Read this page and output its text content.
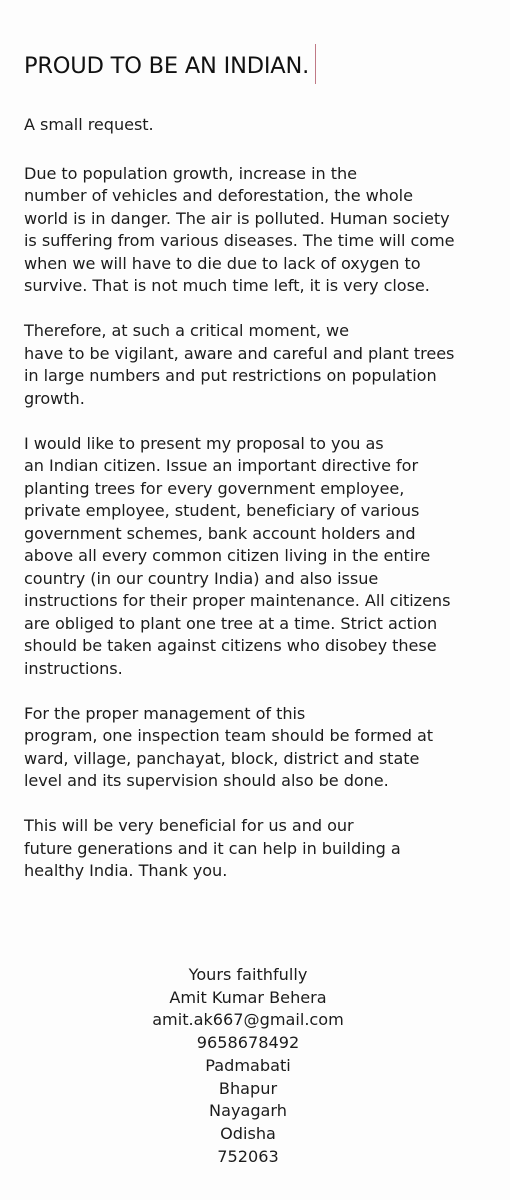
PROUD TO BE AN INDIAN.

A small request.

Due to population growth, increase in the
number of vehicles and deforestation, the whole
world is in danger. The air is polluted. Human society
is suffering from various diseases. The time will come
when we will have to die due to lack of oxygen to
survive. That is not much time left, it is very close.

Therefore, at such a critical moment, we
have to be vigilant, aware and careful and plant trees
in large numbers and put restrictions on population
growth.

I would like to present my proposal to you as
an Indian citizen. Issue an important directive for
planting trees for every government employee,
private employee, student, beneficiary of various
government schemes, bank account holders and
above all every common citizen living in the entire
country (in our country India) and also issue
instructions for their proper maintenance. All citizens
are obliged to plant one tree at a time. Strict action
should be taken against citizens who disobey these
instructions.

For the proper management of this
program, one inspection team should be formed at
ward, village, panchayat, block, district and state
level and its supervision should also be done.

This will be very beneficial for us and our
future generations and it can help in building a
healthy India. Thank you.

Yours faithfully
Amit Kumar Behera
amit.ak667@gmail.com
9658678492
Padmabati
Bhapur
Nayagarh
Odisha
752063
